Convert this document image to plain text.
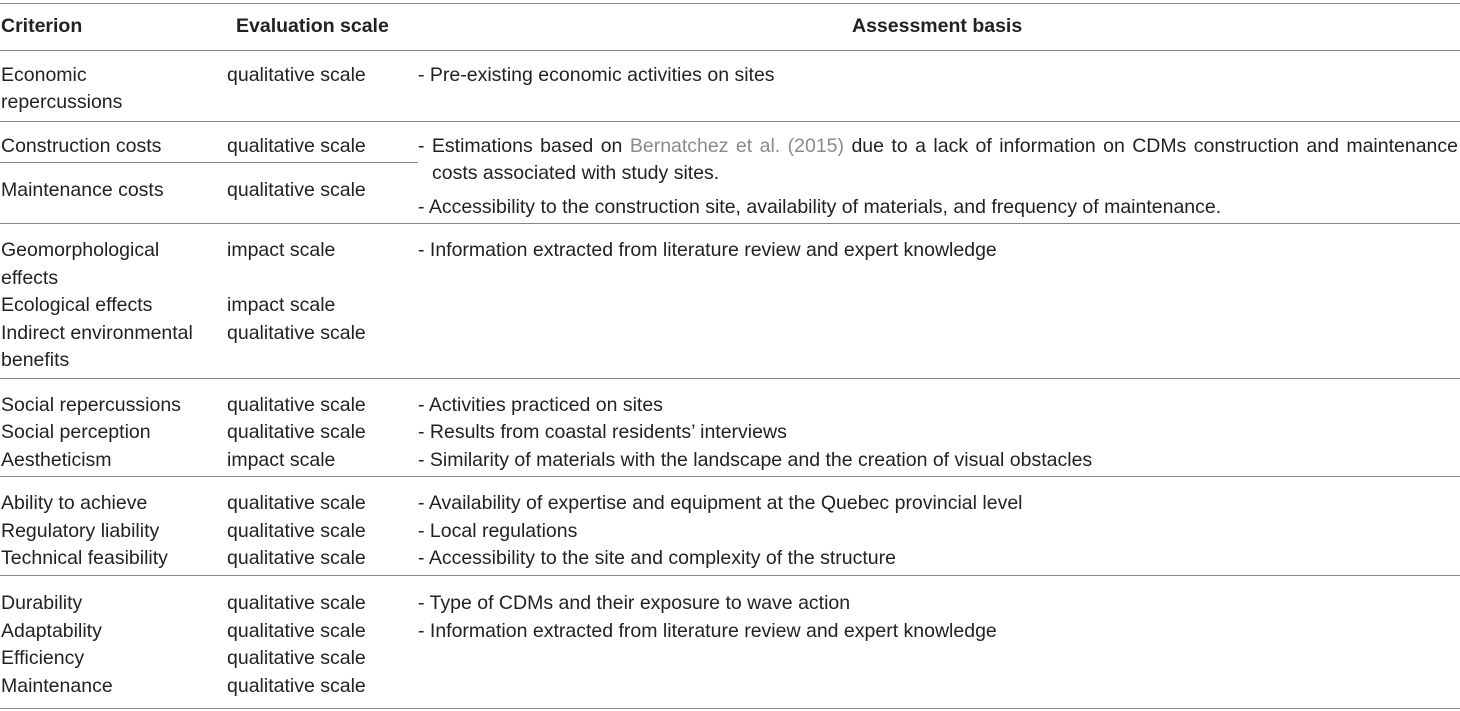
Criterion	Evaluation scale	Assessment basis
Economic
repercussions
qualitative scale	- Pre-existing economic activities on sites
Construction costs	qualitative scale
Maintenance costs	qualitative scale
- Estimations based on Bernatchez et al. (2015) due to a lack of information on CDMs construction and maintenance
costs associated with study sites.
- Accessibility to the construction site, availability of materials, and frequency of maintenance.
Geomorphological
effects
impact scale	- Information extracted from literature review and expert knowledge
Ecological effects	impact scale
Indirect environmental
benefits
qualitative scale
Social repercussions qualitative scale	- Activities practiced on sites
Social perception	qualitative scale	- Results from coastal residents’ interviews
Aestheticism	impact scale	- Similarity of materials with the landscape and the creation of visual obstacles
Ability to achieve	qualitative scale	- Availability of expertise and equipment at the Quebec provincial level
Regulatory liability	qualitative scale	- Local regulations
Technical feasibility	qualitative scale	- Accessibility to the site and complexity of the structure
Durability	qualitative scale	- Type of CDMs and their exposure to wave action
Adaptability	qualitative scale	- Information extracted from literature review and expert knowledge
Efficiency	qualitative scale
Maintenance	qualitative scale
